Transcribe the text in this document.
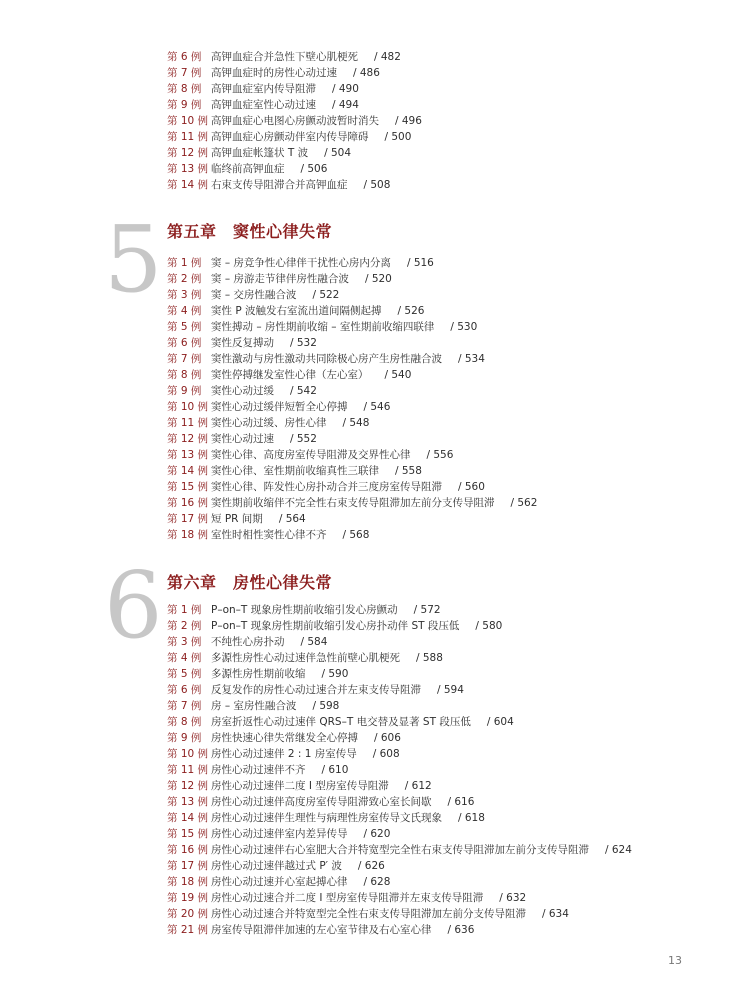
第 6 例 高钾血症合并急性下壁心肌梗死 / 482
第 7 例 高钾血症时的房性心动过速 / 486
第 8 例 高钾血症室内传导阻滞 / 490
第 9 例 高钾血症室性心动过速 / 494
第 10 例 高钾血症心电图心房颤动波暂时消失 / 496
第 11 例 高钾血症心房颤动伴室内传导障碍 / 500
第 12 例 高钾血症帐篷状 T 波 / 504
第 13 例 临终前高钾血症 / 506
第 14 例 右束支传导阻滞合并高钾血症 / 508
5 第五章　窦性心律失常
第 1 例 窦 – 房竞争性心律伴干扰性心房内分离 / 516
第 2 例 窦 – 房游走节律伴房性融合波 / 520
第 3 例 窦 – 交房性融合波 / 522
第 4 例 窦性 P 波触发右室流出道间隔侧起搏 / 526
第 5 例 窦性搏动 – 房性期前收缩 – 室性期前收缩四联律 / 530
第 6 例 窦性反复搏动 / 532
第 7 例 窦性激动与房性激动共同除极心房产生房性融合波 / 534
第 8 例 窦性停搏继发室性心律（左心室） / 540
第 9 例 窦性心动过缓 / 542
第 10 例 窦性心动过缓伴短暂全心停搏 / 546
第 11 例 窦性心动过缓、房性心律 / 548
第 12 例 窦性心动过速 / 552
第 13 例 窦性心律、高度房室传导阻滞及交界性心律 / 556
第 14 例 窦性心律、室性期前收缩真性三联律 / 558
第 15 例 窦性心律、阵发性心房扑动合并三度房室传导阻滞 / 560
第 16 例 窦性期前收缩伴不完全性右束支传导阻滞加左前分支传导阻滞 / 562
第 17 例 短 PR 间期 / 564
第 18 例 室性时相性窦性心律不齐 / 568
6 第六章　房性心律失常
第 1 例 P–on–T 现象房性期前收缩引发心房颤动 / 572
第 2 例 P–on–T 现象房性期前收缩引发心房扑动伴 ST 段压低 / 580
第 3 例 不纯性心房扑动 / 584
第 4 例 多源性房性心动过速伴急性前壁心肌梗死 / 588
第 5 例 多源性房性期前收缩 / 590
第 6 例 反复发作的房性心动过速合并左束支传导阻滞 / 594
第 7 例 房 – 室房性融合波 / 598
第 8 例 房室折返性心动过速伴 QRS–T 电交替及显著 ST 段压低 / 604
第 9 例 房性快速心律失常继发全心停搏 / 606
第 10 例 房性心动过速伴 2 : 1 房室传导 / 608
第 11 例 房性心动过速伴不齐 / 610
第 12 例 房性心动过速伴二度 Ⅰ 型房室传导阻滞 / 612
第 13 例 房性心动过速伴高度房室传导阻滞致心室长间歇 / 616
第 14 例 房性心动过速伴生理性与病理性房室传导文氏现象 / 618
第 15 例 房性心动过速伴室内差异传导 / 620
第 16 例 房性心动过速伴右心室肥大合并特宽型完全性右束支传导阻滞加左前分支传导阻滞 / 624
第 17 例 房性心动过速伴越过式 P′ 波 / 626
第 18 例 房性心动过速并心室起搏心律 / 628
第 19 例 房性心动过速合并二度 Ⅰ 型房室传导阻滞并左束支传导阻滞 / 632
第 20 例 房性心动过速合并特宽型完全性右束支传导阻滞加左前分支传导阻滞 / 634
第 21 例 房室传导阻滞伴加速的左心室节律及右心室心律 / 636
13
